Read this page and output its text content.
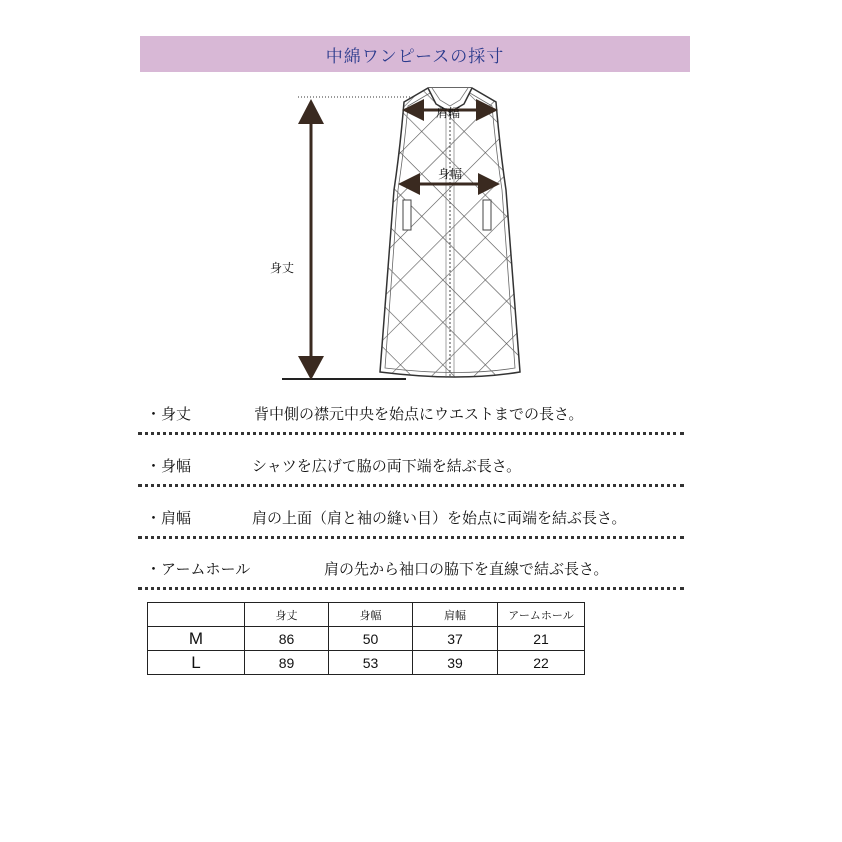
中綿ワンピースの採寸
身丈
肩幅
身幅
・身丈	背中側の襟元中央を始点にウエストまでの長さ。
・身幅	シャツを広げて脇の両下端を結ぶ長さ。
・肩幅	肩の上面（肩と袖の縫い目）を始点に両端を結ぶ長さ。
・アームホール	肩の先から袖口の脇下を直線で結ぶ長さ。
	身丈	身幅	肩幅	アームホール
M	86	50	37	21
L	89	53	39	22
